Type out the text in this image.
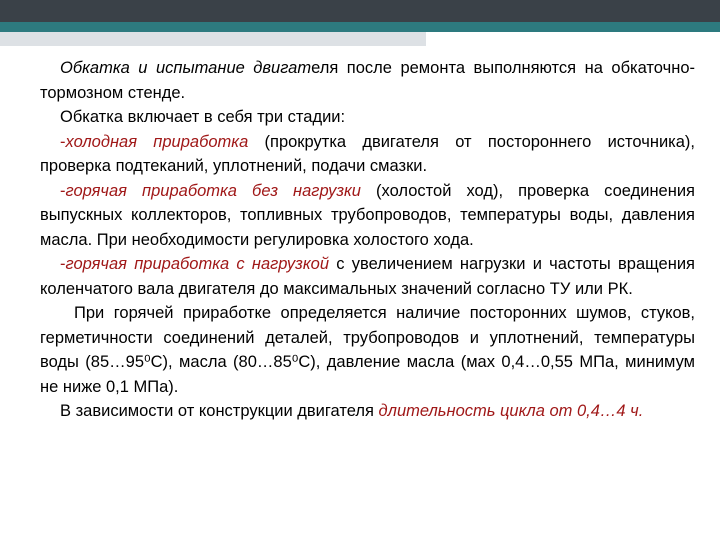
Обкатка и испытание двигателя после ремонта выполняются на обкаточно-тормозном стенде.

Обкатка включает в себя три стадии:

-холодная приработка (прокрутка двигателя от постороннего источника), проверка подтеканий, уплотнений, подачи смазки.

-горячая приработка без нагрузки (холостой ход), проверка соединения выпускных коллекторов, топливных трубопроводов, температуры воды, давления масла. При необходимости регулировка холостого хода.

-горячая приработка с нагрузкой с увеличением нагрузки и частоты вращения коленчатого вала двигателя до максимальных значений согласно ТУ или РК.

При горячей приработке определяется наличие посторонних шумов, стуков, герметичности соединений деталей, трубопроводов и уплотнений, температуры воды (85…95⁰С), масла (80…85⁰С), давление масла (мах 0,4…0,55 МПа, минимум не ниже 0,1 МПа).

В зависимости от конструкции двигателя длительность цикла от 0,4…4 ч.
